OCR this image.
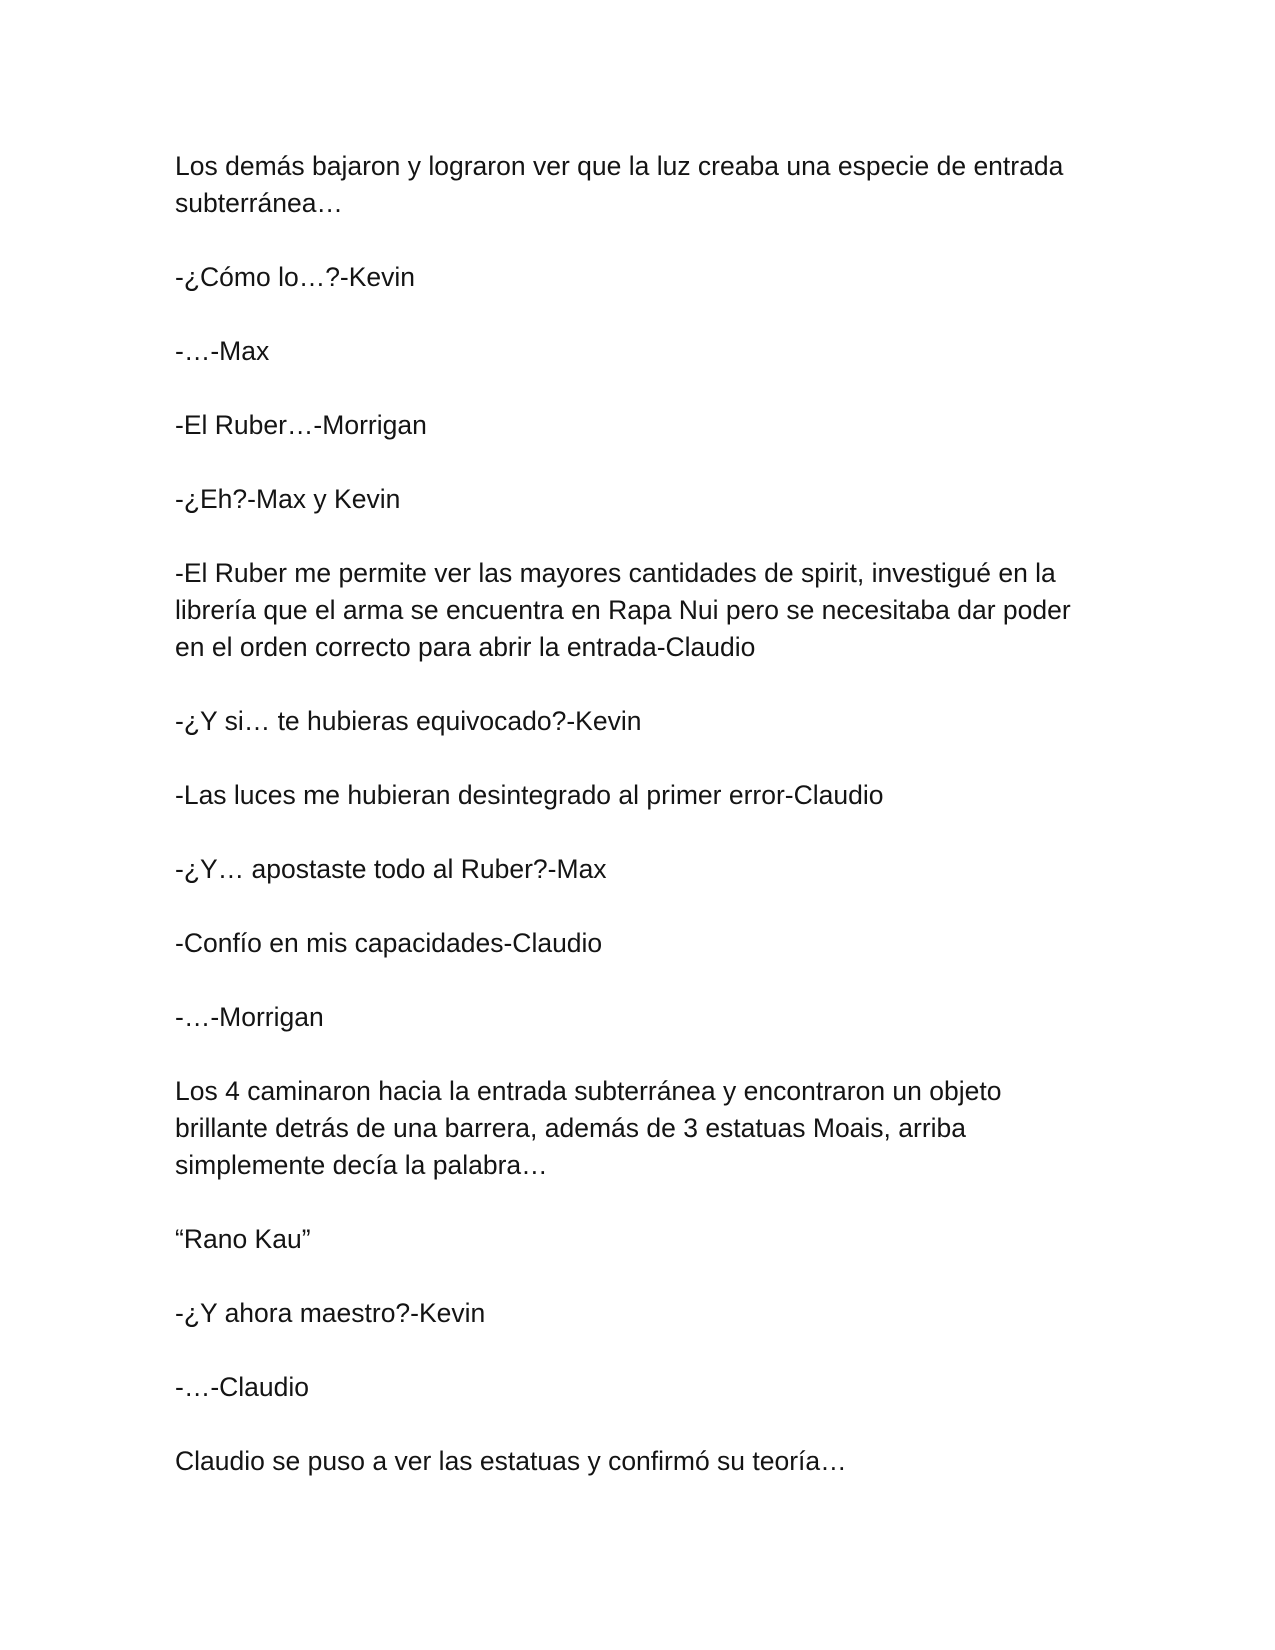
Los demás bajaron y lograron ver que la luz creaba una especie de entrada subterránea…

-¿Cómo lo…?-Kevin

-…-Max

-El Ruber…-Morrigan

-¿Eh?-Max y Kevin

-El Ruber me permite ver las mayores cantidades de spirit, investigué en la librería que el arma se encuentra en Rapa Nui pero se necesitaba dar poder en el orden correcto para abrir la entrada-Claudio

-¿Y si… te hubieras equivocado?-Kevin

-Las luces me hubieran desintegrado al primer error-Claudio

-¿Y… apostaste todo al Ruber?-Max

-Confío en mis capacidades-Claudio

-…-Morrigan

Los 4 caminaron hacia la entrada subterránea y encontraron un objeto brillante detrás de una barrera, además de 3 estatuas Moais, arriba simplemente decía la palabra…

“Rano Kau”

-¿Y ahora maestro?-Kevin

-…-Claudio

Claudio se puso a ver las estatuas y confirmó su teoría…
